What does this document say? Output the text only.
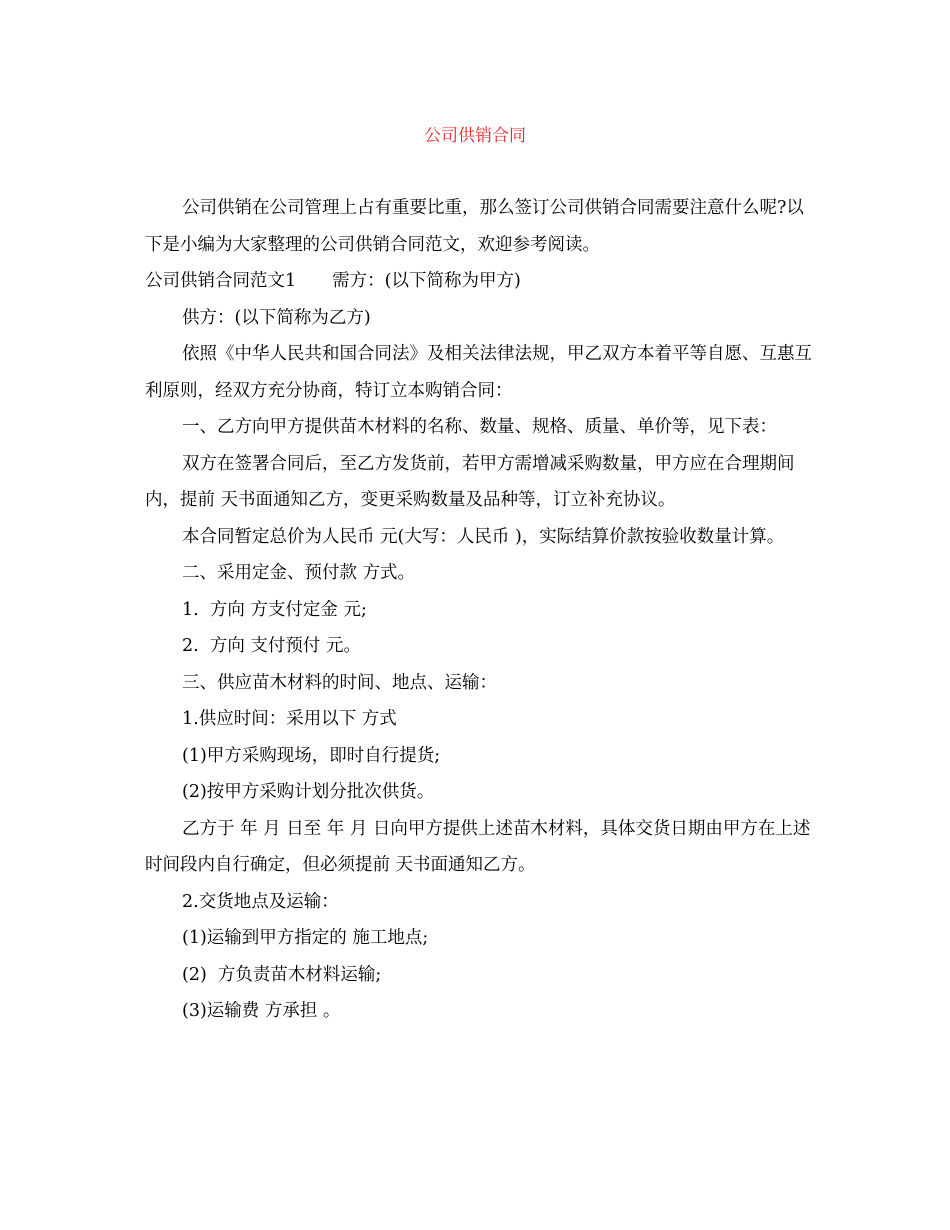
公司供销合同

公司供销在公司管理上占有重要比重，那么签订公司供销合同需要注意什么呢?以下是小编为大家整理的公司供销合同范文，欢迎参考阅读。

公司供销合同范文1 需方：(以下简称为甲方)

供方：(以下简称为乙方)

依照《中华人民共和国合同法》及相关法律法规，甲乙双方本着平等自愿、互惠互利原则，经双方充分协商，特订立本购销合同：

一、乙方向甲方提供苗木材料的名称、数量、规格、质量、单价等，见下表：

双方在签署合同后，至乙方发货前，若甲方需增减采购数量，甲方应在合理期间内，提前 天书面通知乙方，变更采购数量及品种等，订立补充协议。

本合同暂定总价为人民币 元(大写：人民币 )，实际结算价款按验收数量计算。

二、采用定金、预付款 方式。

1.  方向 方支付定金 元;

2.  方向 支付预付 元。

三、供应苗木材料的时间、地点、运输：

1.供应时间：采用以下 方式

(1)甲方采购现场，即时自行提货;

(2)按甲方采购计划分批次供货。

乙方于 年 月 日至 年 月 日向甲方提供上述苗木材料，具体交货日期由甲方在上述时间段内自行确定，但必须提前 天书面通知乙方。

2.交货地点及运输：

(1)运输到甲方指定的 施工地点;

(2)  方负责苗木材料运输;

(3)运输费 方承担 。
